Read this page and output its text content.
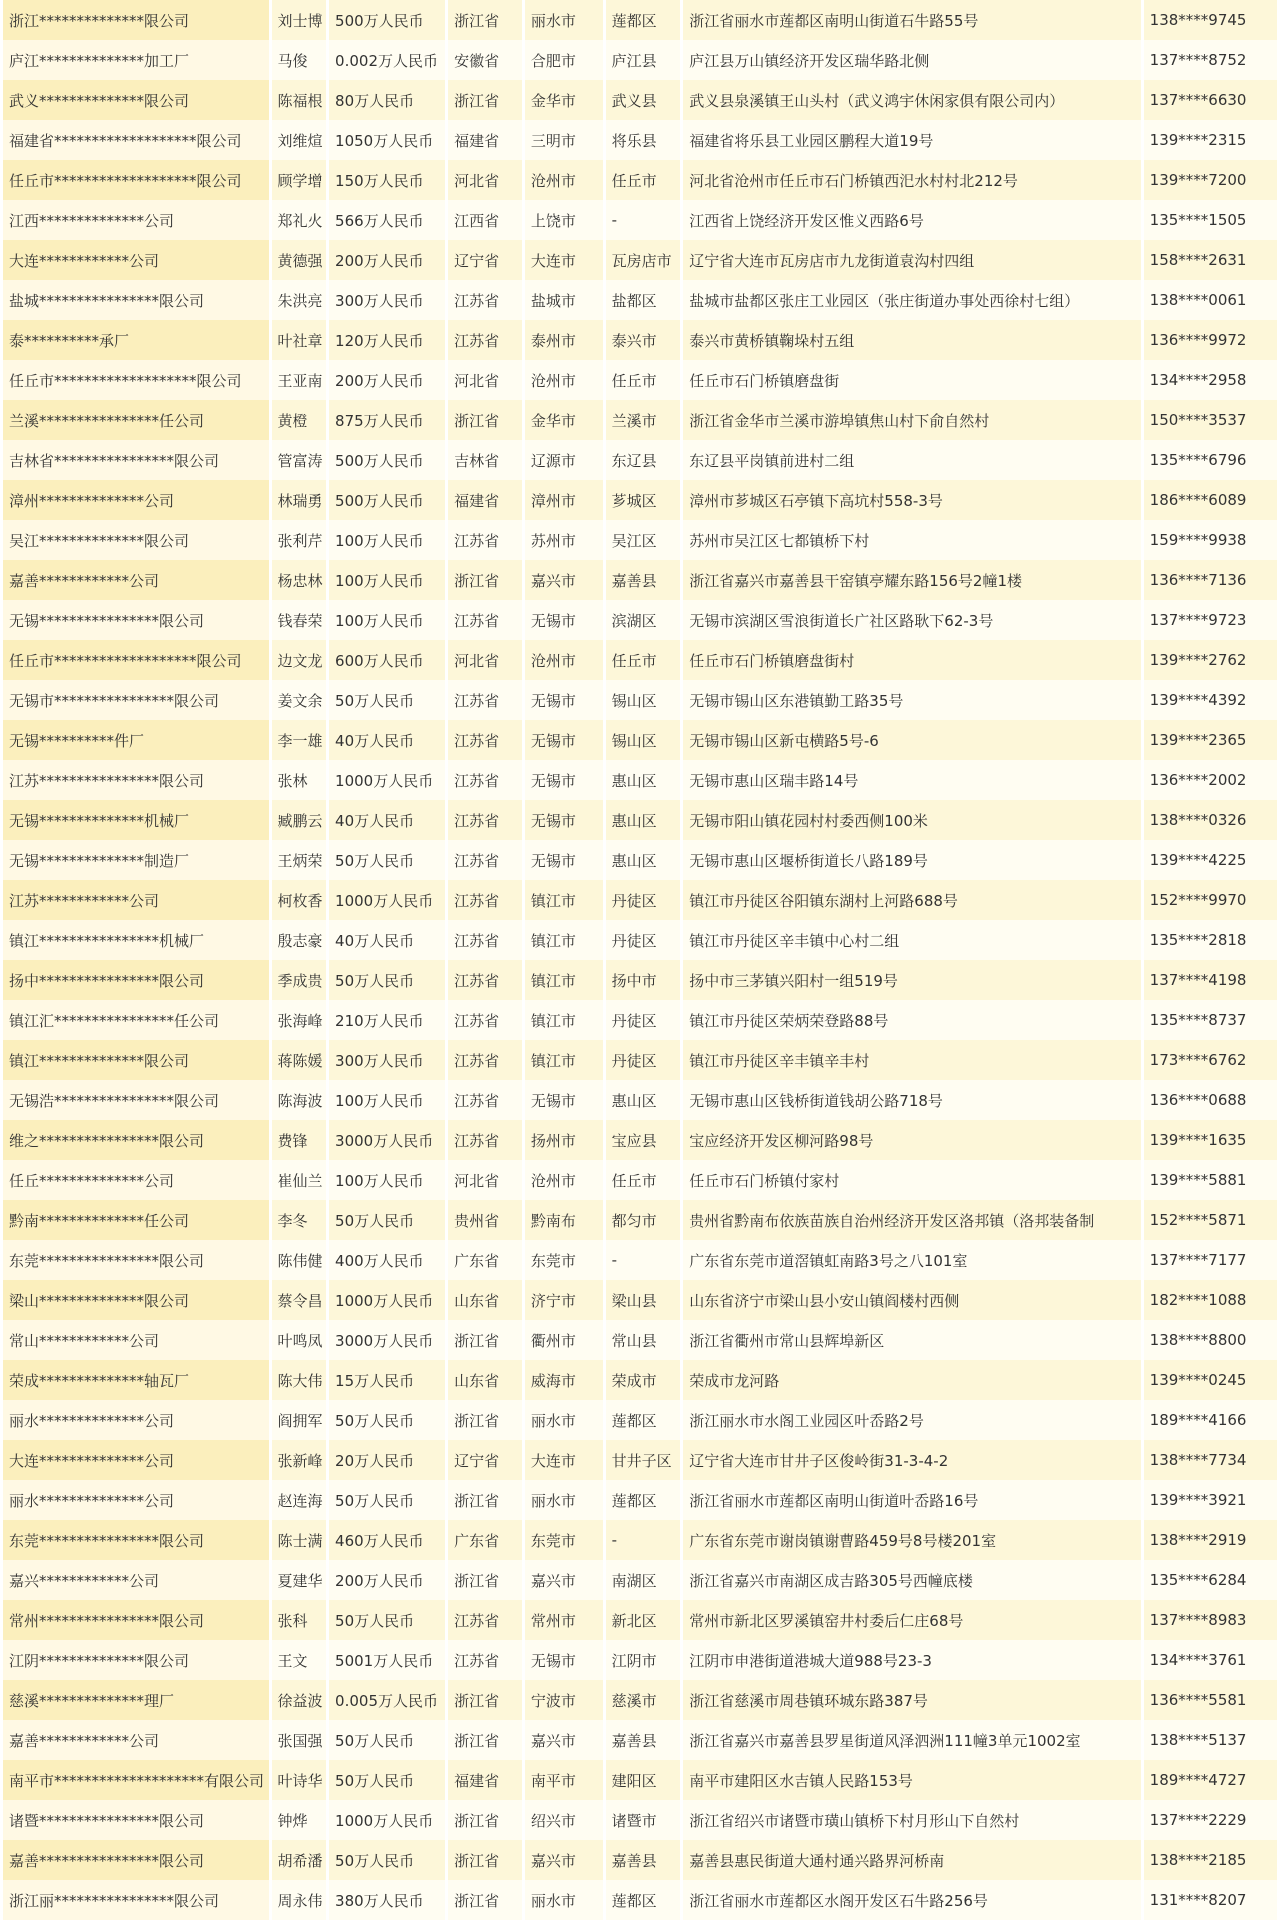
浙江**************限公司	刘士博	500万人民币	浙江省	丽水市	莲都区	浙江省丽水市莲都区南明山街道石牛路55号	138****9745
庐江**************加工厂	马俊	0.002万人民币	安徽省	合肥市	庐江县	庐江县万山镇经济开发区瑞华路北侧	137****8752
武义**************限公司	陈福根	80万人民币	浙江省	金华市	武义县	武义县泉溪镇王山头村（武义鸿宇休闲家俱有限公司内）	137****6630
福建省*******************限公司	刘维煊	1050万人民币	福建省	三明市	将乐县	福建省将乐县工业园区鹏程大道19号	139****2315
任丘市*******************限公司	顾学增	150万人民币	河北省	沧州市	任丘市	河北省沧州市任丘市石门桥镇西汜水村村北212号	139****7200
江西**************公司	郑礼火	566万人民币	江西省	上饶市	-	江西省上饶经济开发区惟义西路6号	135****1505
大连************公司	黄德强	200万人民币	辽宁省	大连市	瓦房店市	辽宁省大连市瓦房店市九龙街道袁沟村四组	158****2631
盐城****************限公司	朱洪亮	300万人民币	江苏省	盐城市	盐都区	盐城市盐都区张庄工业园区（张庄街道办事处西徐村七组）	138****0061
泰**********承厂	叶社章	120万人民币	江苏省	泰州市	泰兴市	泰兴市黄桥镇鞠垛村五组	136****9972
任丘市*******************限公司	王亚南	200万人民币	河北省	沧州市	任丘市	任丘市石门桥镇磨盘街	134****2958
兰溪****************任公司	黄橙	875万人民币	浙江省	金华市	兰溪市	浙江省金华市兰溪市游埠镇焦山村下俞自然村	150****3537
吉林省****************限公司	管富涛	500万人民币	吉林省	辽源市	东辽县	东辽县平岗镇前进村二组	135****6796
漳州**************公司	林瑞勇	500万人民币	福建省	漳州市	芗城区	漳州市芗城区石亭镇下高坑村558-3号	186****6089
吴江**************限公司	张利芹	100万人民币	江苏省	苏州市	吴江区	苏州市吴江区七都镇桥下村	159****9938
嘉善************公司	杨忠林	100万人民币	浙江省	嘉兴市	嘉善县	浙江省嘉兴市嘉善县干窑镇亭耀东路156号2幢1楼	136****7136
无锡****************限公司	钱春荣	100万人民币	江苏省	无锡市	滨湖区	无锡市滨湖区雪浪街道长广社区路耿下62-3号	137****9723
任丘市*******************限公司	边文龙	600万人民币	河北省	沧州市	任丘市	任丘市石门桥镇磨盘街村	139****2762
无锡市****************限公司	姜文余	50万人民币	江苏省	无锡市	锡山区	无锡市锡山区东港镇勤工路35号	139****4392
无锡**********件厂	李一雄	40万人民币	江苏省	无锡市	锡山区	无锡市锡山区新屯横路5号-6	139****2365
江苏****************限公司	张林	1000万人民币	江苏省	无锡市	惠山区	无锡市惠山区瑞丰路14号	136****2002
无锡**************机械厂	臧鹏云	40万人民币	江苏省	无锡市	惠山区	无锡市阳山镇花园村村委西侧100米	138****0326
无锡**************制造厂	王炳荣	50万人民币	江苏省	无锡市	惠山区	无锡市惠山区堰桥街道长八路189号	139****4225
江苏************公司	柯枚香	1000万人民币	江苏省	镇江市	丹徒区	镇江市丹徒区谷阳镇东湖村上河路688号	152****9970
镇江****************机械厂	殷志豪	40万人民币	江苏省	镇江市	丹徒区	镇江市丹徒区辛丰镇中心村二组	135****2818
扬中****************限公司	季成贵	50万人民币	江苏省	镇江市	扬中市	扬中市三茅镇兴阳村一组519号	137****4198
镇江汇****************任公司	张海峰	210万人民币	江苏省	镇江市	丹徒区	镇江市丹徒区荣炳荣登路88号	135****8737
镇江**************限公司	蒋陈媛	300万人民币	江苏省	镇江市	丹徒区	镇江市丹徒区辛丰镇辛丰村	173****6762
无锡浩****************限公司	陈海波	100万人民币	江苏省	无锡市	惠山区	无锡市惠山区钱桥街道钱胡公路718号	136****0688
维之****************限公司	费锋	3000万人民币	江苏省	扬州市	宝应县	宝应经济开发区柳河路98号	139****1635
任丘**************公司	崔仙兰	100万人民币	河北省	沧州市	任丘市	任丘市石门桥镇付家村	139****5881
黔南**************任公司	李冬	50万人民币	贵州省	黔南布	都匀市	贵州省黔南布依族苗族自治州经济开发区洛邦镇（洛邦装备制	152****5871
东莞****************限公司	陈伟健	400万人民币	广东省	东莞市	-	广东省东莞市道滘镇虹南路3号之八101室	137****7177
梁山**************限公司	蔡令昌	1000万人民币	山东省	济宁市	梁山县	山东省济宁市梁山县小安山镇阎楼村西侧	182****1088
常山************公司	叶鸣凤	3000万人民币	浙江省	衢州市	常山县	浙江省衢州市常山县辉埠新区	138****8800
荣成**************轴瓦厂	陈大伟	15万人民币	山东省	威海市	荣成市	荣成市龙河路	139****0245
丽水**************公司	阎拥军	50万人民币	浙江省	丽水市	莲都区	浙江丽水市水阁工业园区叶岙路2号	189****4166
大连**************公司	张新峰	20万人民币	辽宁省	大连市	甘井子区	辽宁省大连市甘井子区俊岭街31-3-4-2	138****7734
丽水**************公司	赵连海	50万人民币	浙江省	丽水市	莲都区	浙江省丽水市莲都区南明山街道叶岙路16号	139****3921
东莞****************限公司	陈士满	460万人民币	广东省	东莞市	-	广东省东莞市谢岗镇谢曹路459号8号楼201室	138****2919
嘉兴************公司	夏建华	200万人民币	浙江省	嘉兴市	南湖区	浙江省嘉兴市南湖区成吉路305号西幢底楼	135****6284
常州****************限公司	张科	50万人民币	江苏省	常州市	新北区	常州市新北区罗溪镇窑井村委后仁庄68号	137****8983
江阴**************限公司	王文	5001万人民币	江苏省	无锡市	江阴市	江阴市申港街道港城大道988号23-3	134****3761
慈溪**************理厂	徐益波	0.005万人民币	浙江省	宁波市	慈溪市	浙江省慈溪市周巷镇环城东路387号	136****5581
嘉善************公司	张国强	50万人民币	浙江省	嘉兴市	嘉善县	浙江省嘉兴市嘉善县罗星街道风泽泗洲111幢3单元1002室	138****5137
南平市********************有限公司	叶诗华	50万人民币	福建省	南平市	建阳区	南平市建阳区水吉镇人民路153号	189****4727
诸暨****************限公司	钟烨	1000万人民币	浙江省	绍兴市	诸暨市	浙江省绍兴市诸暨市璜山镇桥下村月形山下自然村	137****2229
嘉善****************限公司	胡希潘	50万人民币	浙江省	嘉兴市	嘉善县	嘉善县惠民街道大通村通兴路界河桥南	138****2185
浙江丽****************限公司	周永伟	380万人民币	浙江省	丽水市	莲都区	浙江省丽水市莲都区水阁开发区石牛路256号	131****8207
